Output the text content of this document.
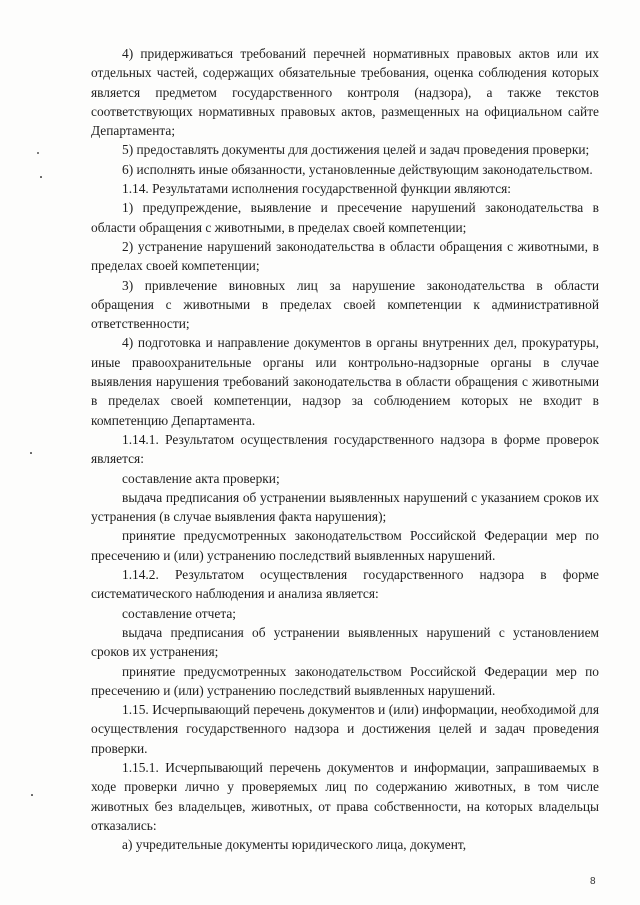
4) придерживаться требований перечней нормативных правовых актов или их отдельных частей, содержащих обязательные требования, оценка соблюдения которых является предметом государственного контроля (надзора), а также текстов соответствующих нормативных правовых актов, размещенных на официальном сайте Департамента;

5) предоставлять документы для достижения целей и задач проведения проверки;

6) исполнять иные обязанности, установленные действующим законодательством.

1.14. Результатами исполнения государственной функции являются:

1) предупреждение, выявление и пресечение нарушений законодательства в области обращения с животными, в пределах своей компетенции;

2) устранение нарушений законодательства в области обращения с животными, в пределах своей компетенции;

3) привлечение виновных лиц за нарушение законодательства в области обращения с животными в пределах своей компетенции к административной ответственности;

4) подготовка и направление документов в органы внутренних дел, прокуратуры, иные правоохранительные органы или контрольно-надзорные органы в случае выявления нарушения требований законодательства в области обращения с животными в пределах своей компетенции, надзор за соблюдением которых не входит в компетенцию Департамента.

1.14.1. Результатом осуществления государственного надзора в форме проверок является:

составление акта проверки;

выдача предписания об устранении выявленных нарушений с указанием сроков их устранения (в случае выявления факта нарушения);

принятие предусмотренных законодательством Российской Федерации мер по пресечению и (или) устранению последствий выявленных нарушений.

1.14.2. Результатом осуществления государственного надзора в форме систематического наблюдения и анализа является:

составление отчета;

выдача предписания об устранении выявленных нарушений с установлением сроков их устранения;

принятие предусмотренных законодательством Российской Федерации мер по пресечению и (или) устранению последствий выявленных нарушений.

1.15. Исчерпывающий перечень документов и (или) информации, необходимой для осуществления государственного надзора и достижения целей и задач проведения проверки.

1.15.1. Исчерпывающий перечень документов и информации, запрашиваемых в ходе проверки лично у проверяемых лиц по содержанию животных, в том числе животных без владельцев, животных, от права собственности, на которых владельцы отказались:

а) учредительные документы юридического лица, документ,

8
